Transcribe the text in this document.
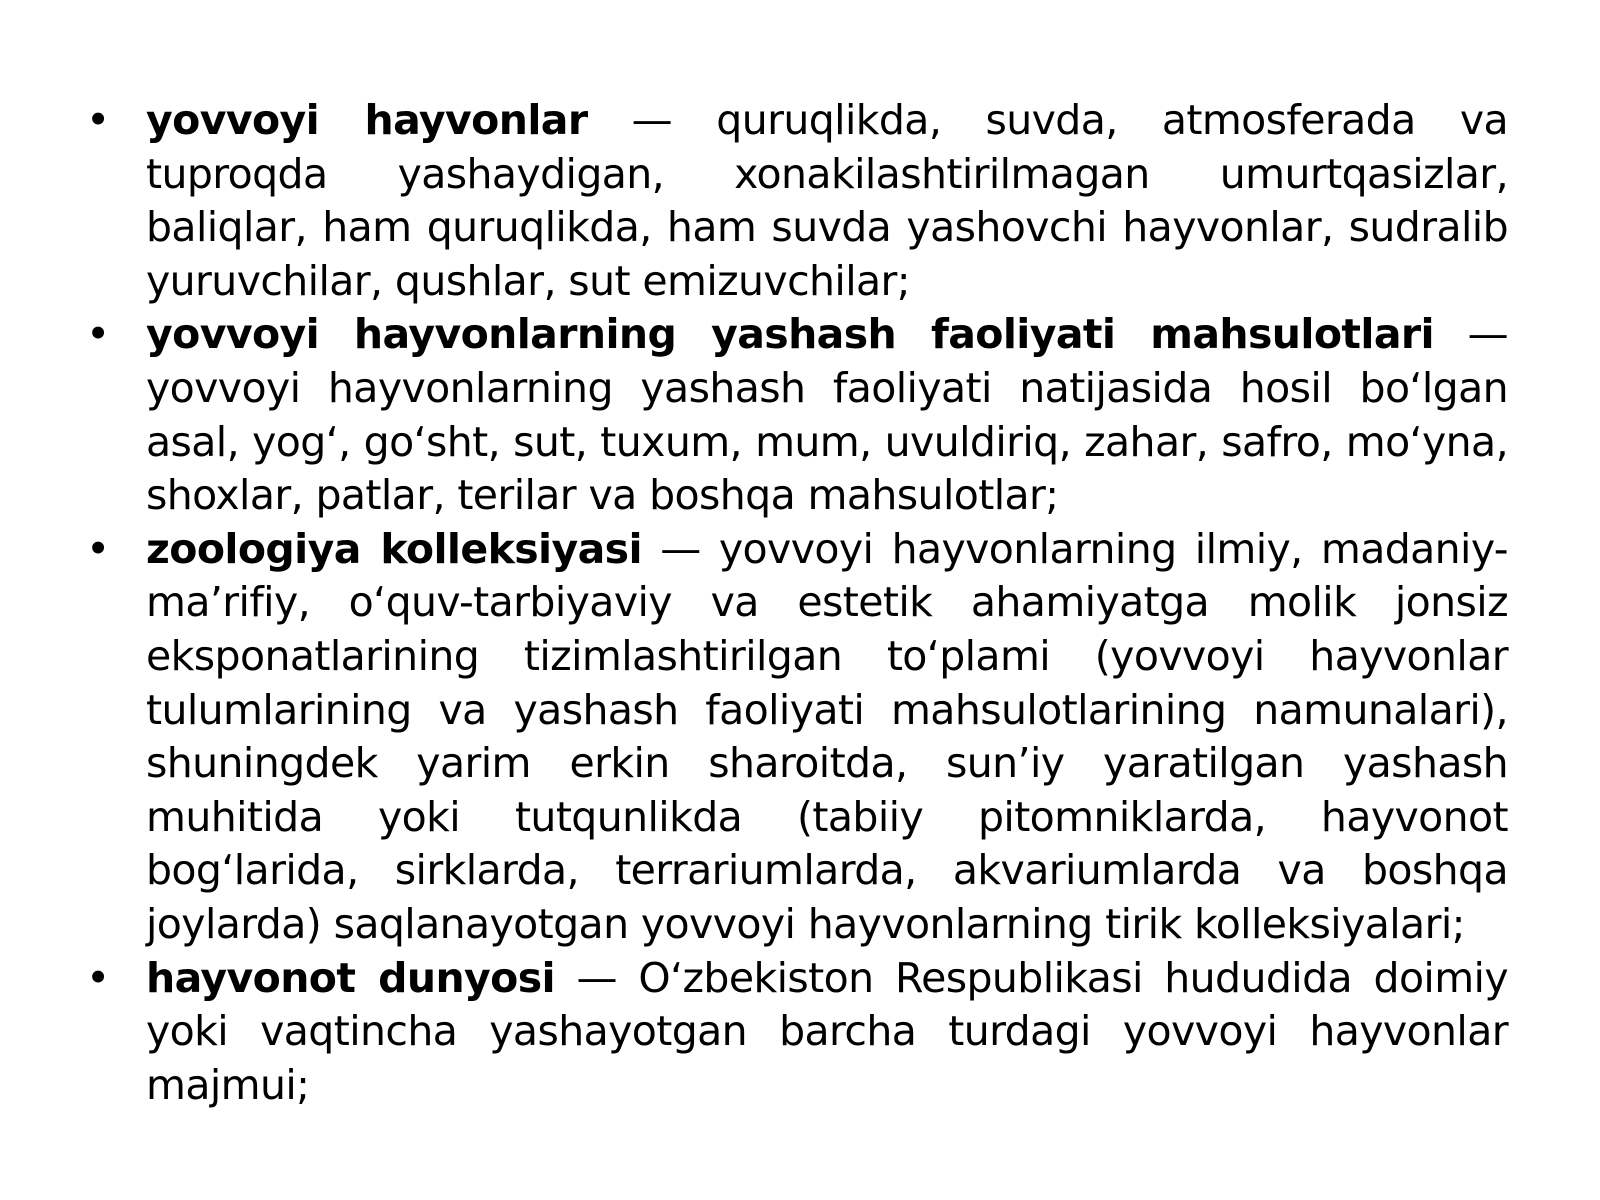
• yovvoyi hayvonlar — quruqlikda, suvda, atmosferada va tuproqda yashaydigan, xonakilashtirilmagan umurtqasizlar, baliqlar, ham quruqlikda, ham suvda yashovchi hayvonlar, sudralib yuruvchilar, qushlar, sut emizuvchilar;
• yovvoyi hayvonlarning yashash faoliyati mahsulotlari — yovvoyi hayvonlarning yashash faoliyati natijasida hosil bo‘lgan asal, yog‘, go‘sht, sut, tuxum, mum, uvuldiriq, zahar, safro, mo‘yna, shoxlar, patlar, terilar va boshqa mahsulotlar;
• zoologiya kolleksiyasi — yovvoyi hayvonlarning ilmiy, madaniy-ma’rifiy, o‘quv-tarbiyaviy va estetik ahamiyatga molik jonsiz eksponatlarining tizimlashtirilgan to‘plami (yovvoyi hayvonlar tulumlarining va yashash faoliyati mahsulotlarining namunalari), shuningdek yarim erkin sharoitda, sun’iy yaratilgan yashash muhitida yoki tutqunlikda (tabiiy pitomniklarda, hayvonot bog‘larida, sirklarda, terrariumlarda, akvariumlarda va boshqa joylarda) saqlanayotgan yovvoyi hayvonlarning tirik kolleksiyalari;
• hayvonot dunyosi — O‘zbekiston Respublikasi hududida doimiy yoki vaqtincha yashayotgan barcha turdagi yovvoyi hayvonlar majmui;
